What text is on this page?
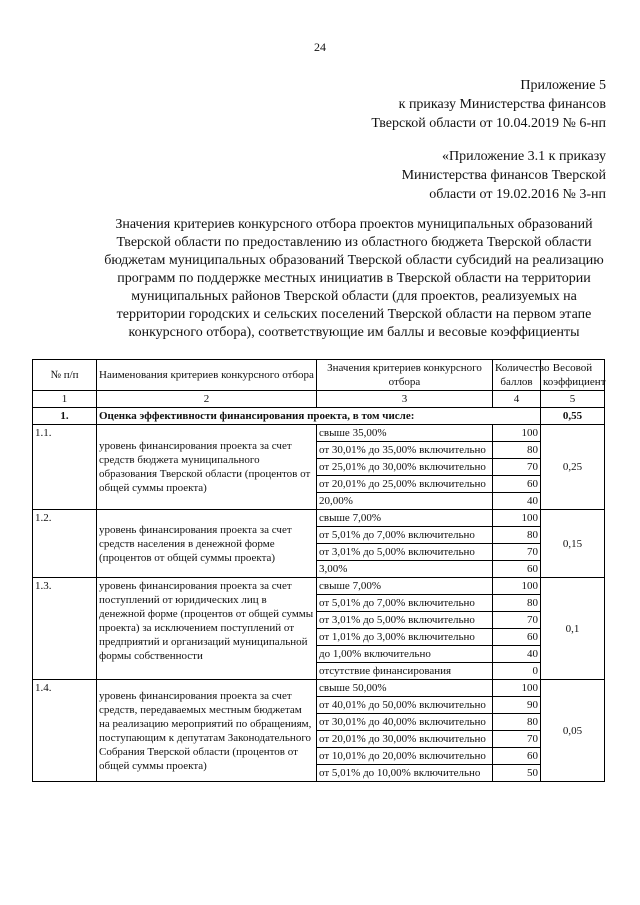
24
Приложение 5
к приказу Министерства финансов
Тверской области от 10.04.2019 № 6-нп
«Приложение 3.1 к приказу
Министерства финансов Тверской
области от 19.02.2016 № 3-нп
Значения критериев конкурсного отбора проектов муниципальных образований Тверской области по предоставлению из областного бюджета Тверской области бюджетам муниципальных образований Тверской области субсидий на реализацию программ по поддержке местных инициатив в Тверской области на территории муниципальных районов Тверской области (для проектов, реализуемых на территории городских и сельских поселений Тверской области на первом этапе конкурсного отбора), соответствующие им баллы и весовые коэффициенты
№ п/п	Наименования критериев конкурсного отбора	Значения критериев конкурсного отбора	Количество баллов	Весовой коэффициент
1	2	3	4	5
1.	Оценка эффективности финансирования проекта, в том числе:			0,55
1.1.	уровень финансирования проекта за счет средств бюджета муниципального образования Тверской области (процентов от общей суммы проекта)	свыше 35,00%	100	0,25
		от 30,01% до 35,00% включительно	80	
		от 25,01% до 30,00% включительно	70	
		от 20,01% до 25,00% включительно	60	
		20,00%	40	
1.2.	уровень финансирования проекта за счет средств населения в денежной форме (процентов от общей суммы проекта)	свыше 7,00%	100	0,15
		от 5,01% до 7,00% включительно	80	
		от 3,01% до 5,00% включительно	70	
		3,00%	60	
1.3.	уровень финансирования проекта за счет поступлений от юридических лиц в денежной форме (процентов от общей суммы проекта) за исключением поступлений от предприятий и организаций муниципальной формы собственности	свыше 7,00%	100	0,1
		от 5,01% до 7,00% включительно	80	
		от 3,01% до 5,00% включительно	70	
		от 1,01% до 3,00% включительно	60	
		до 1,00% включительно	40	
		отсутствие финансирования	0	
1.4.	уровень финансирования проекта за счет средств, передаваемых местным бюджетам на реализацию мероприятий по обращениям, поступающим к депутатам Законодательного Собрания Тверской области (процентов от общей суммы проекта)	свыше 50,00%	100	0,05
		от 40,01% до 50,00% включительно	90	
		от 30,01% до 40,00% включительно	80	
		от 20,01% до 30,00% включительно	70	
		от 10,01% до 20,00% включительно	60	
		от 5,01% до 10,00% включительно	50	
